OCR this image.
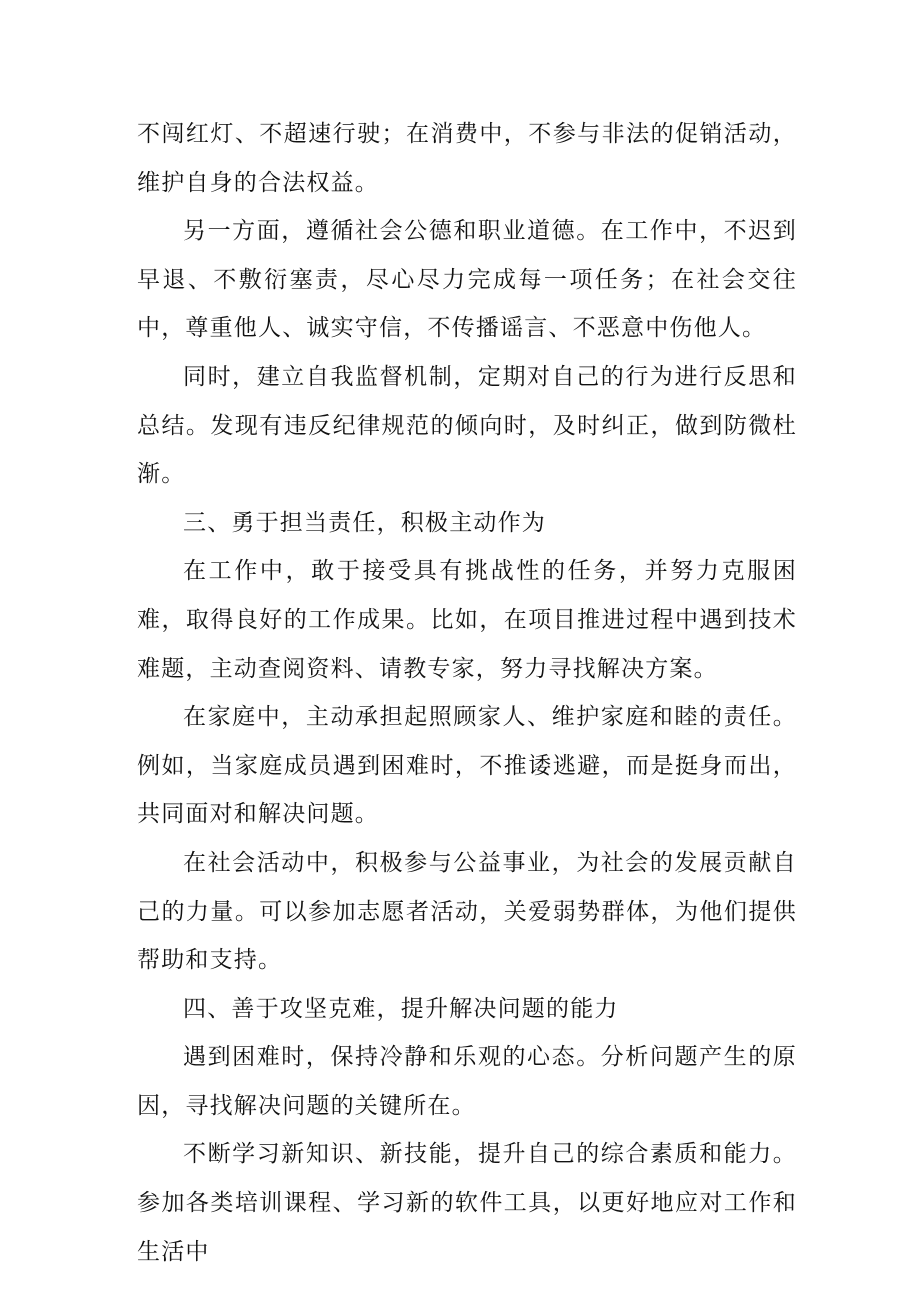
不闯红灯、不超速行驶；在消费中，不参与非法的促销活动，维护自身的合法权益。

另一方面，遵循社会公德和职业道德。在工作中，不迟到早退、不敷衍塞责，尽心尽力完成每一项任务；在社会交往中，尊重他人、诚实守信，不传播谣言、不恶意中伤他人。

同时，建立自我监督机制，定期对自己的行为进行反思和总结。发现有违反纪律规范的倾向时，及时纠正，做到防微杜渐。

三、勇于担当责任，积极主动作为

在工作中，敢于接受具有挑战性的任务，并努力克服困难，取得良好的工作成果。比如，在项目推进过程中遇到技术难题，主动查阅资料、请教专家，努力寻找解决方案。

在家庭中，主动承担起照顾家人、维护家庭和睦的责任。例如，当家庭成员遇到困难时，不推诿逃避，而是挺身而出，共同面对和解决问题。

在社会活动中，积极参与公益事业，为社会的发展贡献自己的力量。可以参加志愿者活动，关爱弱势群体，为他们提供帮助和支持。

四、善于攻坚克难，提升解决问题的能力

遇到困难时，保持冷静和乐观的心态。分析问题产生的原因，寻找解决问题的关键所在。

不断学习新知识、新技能，提升自己的综合素质和能力。参加各类培训课程、学习新的软件工具，以更好地应对工作和生活中
